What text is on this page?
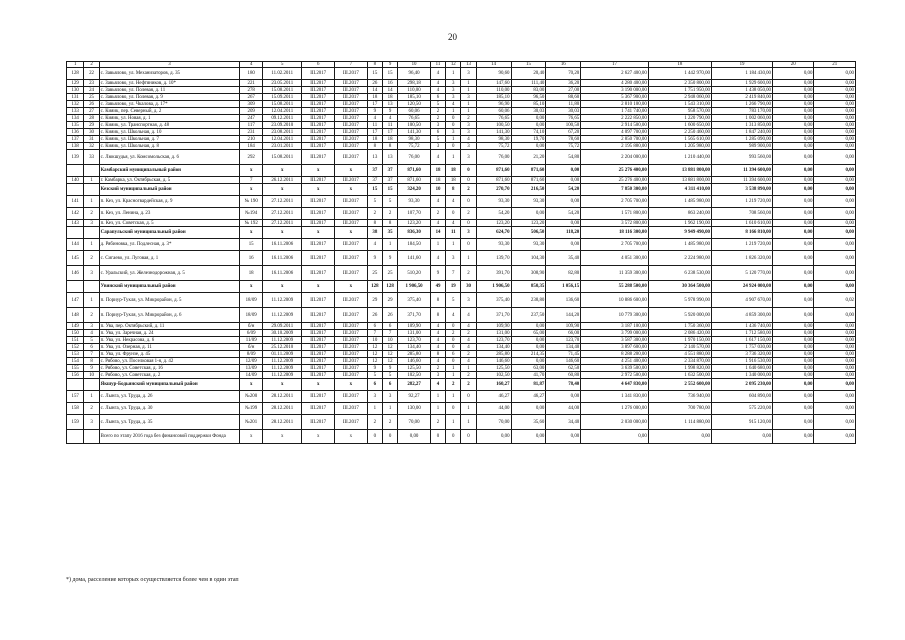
20
1	2	3	4	5	6	7	8	9	10	11	12	13	14	15	16	17	18	19	20	21
128	22	с. Завьялово, ул. Механизаторов, д. 35	180	11.02.2011	III.2017	III.2017	15	15	96,40	4	1	3	90,60	20,40	70,20	2 627 400,00	1 442 970,00	1 184 430,00	0,00	0,00
129	23	с. Завьялово, ул. Нефтяников, д. 10*	221	23.05.2011	III.2017	III.2017	26	16	298,18	4	3	1	147,60	111,40	36,20	4 280 400,00	2 350 800,00	1 929 600,00	0,00	0,00
130	24	с. Завьялово, ул. Полевая, д. 11	278	15.08.2011	III.2017	III.2017	14	14	110,00	4	3	1	110,00	83,00	27,00	3 190 000,00	1 751 950,00	1 438 050,00	0,00	0,00
131	25	с. Завьялово, ул. Полевая, д. 9	267	15.09.2011	III.2017	III.2017	18	18	185,10	6	3	3	185,10	96,50	88,60	5 367 900,00	2 948 060,00	2 419 840,00	0,00	0,00
132	26	с. Завьялово, ул. Чкалова, д. 17*	309	15.08.2011	III.2017	III.2017	17	13	120,50	5	4	1	96,90	85,10	11,80	2 810 100,00	1 543 310,00	1 266 790,00	0,00	0,00
133	27	с. Кияик, пер. Северный, д. 2	209	12.04.2011	III.2017	III.2017	9	9	60,06	2	1	1	60,06	30,03	30,03	1 741 740,00	958 570,00	783 170,00	0,00	0,00
134	28	с. Кияик, ул. Новая, д. 1	247	09.12.2011	III.2017	III.2017	4	4	76,65	2	0	2	76,65	0,00	76,65	2 222 850,00	1 220 790,00	1 002 060,00	0,00	0,00
135	29	с. Кияик, ул. Транспортная, д. 48	117	23.09.2010	III.2017	III.2017	11	11	100,50	3	0	3	100,50	0,00	100,50	2 914 500,00	1 600 650,00	1 313 850,00	0,00	0,00
136	30	с. Кияик, ул. Школьная, д. 10	231	23.08.2011	III.2017	III.2017	17	17	141,30	6	3	3	141,30	74,10	67,20	4 097 700,00	2 250 460,00	1 847 240,00	0,00	0,00
137	31	с. Кияик, ул. Школьная, д. 7	210	12.04.2011	III.2017	III.2017	18	18	98,30	5	1	4	98,30	19,70	78,60	2 850 700,00	1 565 610,00	1 285 090,00	0,00	0,00
138	32	с. Кияик, ул. Школьная, д. 8	184	23.01.2011	III.2017	III.2017	8	8	75,72	3	0	3	75,72	0,00	75,72	2 195 880,00	1 205 980,00	989 900,00	0,00	0,00
139	33	с. Люкшудья, ул. Комсомольская, д. 6	292	15.08.2011	III.2017	III.2017	13	13	76,00	4	1	3	76,00	21,20	54,80	2 204 000,00	1 210 440,00	993 560,00	0,00	0,00
		Камбарский муниципальный район	x	x	x	x	37	37	871,60	18	18	0	871,60	871,60	0,00	25 276 400,00	13 881 800,00	11 394 600,00	0,00	0,00
140	1	г. Камбарка, ул. Октябрьская, д. 5	7	26.12.2011	III.2017	III.2017	37	37	871,60	18	18	0	871,60	871,60	0,00	25 276 400,00	13 881 800,00	11 394 600,00	0,00	0,00
		Кезский муниципальный район	x	x	x	x	15	15	324,20	10	8	2	270,70	216,50	54,20	7 850 300,00	4 311 410,00	3 538 890,00	0,00	0,00
141	1	п. Кез, ул. Красногвардейская, д. 9	№ 190	27.12.2011	III.2017	III.2017	5	5	93,30	4	4	0	93,30	93,30	0,00	2 705 700,00	1 485 980,00	1 219 720,00	0,00	0,00
142	2	п. Кез, ул. Ленина, д. 23	№194	27.12.2011	III.2017	III.2017	2	2	107,70	2	0	2	54,20	0,00	54,20	1 571 800,00	863 240,00	708 560,00	0,00	0,00
143	3	п. Кез, ул. Советская, д. 5	№ 192	27.12.2011	III.2017	III.2017	8	8	123,20	4	4	0	123,20	123,20	0,00	3 572 800,00	1 962 190,00	1 610 610,00	0,00	0,00
		Сарапульский муниципальный район	x	x	x	x	38	35	836,30	14	11	3	624,70	506,50	118,20	18 116 300,00	9 949 490,00	8 166 810,00	0,00	0,00
144	1	д. Рябиновка, ул. Подлесная, д. 3*	15	16.11.2006	III.2017	III.2017	4	1	184,50	1	1	0	93,30	93,30	0,00	2 705 700,00	1 485 980,00	1 219 720,00	0,00	0,00
145	2	с. Сигаево, ул. Луговая, д. 1	16	16.11.2006	III.2017	III.2017	9	9	141,60	4	3	1	139,70	104,30	35,40	4 051 300,00	2 224 980,00	1 826 320,00	0,00	0,00
146	3	с. Уральский, ул. Железнодорожная, д. 5	18	16.11.2006	III.2017	III.2017	25	25	510,20	9	7	2	391,70	308,90	82,80	11 359 300,00	6 238 530,00	5 120 770,00	0,00	0,00
		Увинский муниципальный район	x	x	x	x	128	128	1 906,50	49	19	30	1 906,50	850,35	1 056,15	55 288 500,00	30 364 500,00	24 924 000,00	0,00	0,00
147	1	п. Пориур-Тукля, ул. Микрорайон, д. 5	18/09	11.12.2009	III.2017	III.2017	29	29	375,40	8	5	3	375,40	238,80	136,60	10 886 600,00	5 978 990,00	4 907 670,00	0,00	0,02
148	2	п. Пориур-Тукля, ул. Микрорайон, д. 6	18/09	11.12.2009	III.2017	III.2017	26	26	371,70	8	4	4	371,70	237,50	144,20	10 779 300,00	5 920 000,00	4 859 300,00	0,00	0,00
149	3	п. Ува, пер. Октябрьский, д. 11	б/н	29.09.2011	III.2017	III.2017	6	6	109,90	4	0	4	109,90	0,00	109,90	3 187 100,00	1 750 360,00	1 436 740,00	0,00	0,00
150	4	п. Ува, ул. Заречная, д. 24	6/09	30.10.2009	III.2017	III.2017	7	7	131,00	4	2	2	131,00	65,00	66,00	3 799 000,00	2 086 420,00	1 712 580,00	0,00	0,00
151	5	п. Ува, ул. Некрасова, д. 6	11/09	11.12.2009	III.2017	III.2017	10	10	123,70	4	0	4	123,70	0,00	123,70	3 587 300,00	1 970 150,00	1 617 150,00	0,00	0,00
152	6	п. Ува, ул. Озерная, д. 11	б/н	25.12.2010	III.2017	III.2017	12	12	134,40	4	0	4	134,40	0,00	134,40	3 897 600,00	2 140 570,00	1 757 030,00	0,00	0,00
153	7	п. Ува, ул. Фрунзе, д. 45	8/09	01.11.2009	III.2017	III.2017	12	12	285,80	8	6	2	285,80	214,35	71,45	8 288 200,00	4 551 880,00	3 736 320,00	0,00	0,00
154	8	с. Рябово, ул. Поселковая 1-я, д. 42	12/09	11.12.2009	III.2017	III.2017	12	12	146,60	4	0	4	146,60	0,00	146,60	4 251 400,00	2 334 870,00	1 916 530,00	0,00	0,00
155	9	с. Рябово, ул. Советская, д. 16	13/09	11.12.2009	III.2017	III.2017	9	9	125,50	2	1	1	125,50	63,00	62,50	3 639 500,00	1 998 820,00	1 640 680,00	0,00	0,00
156	10	с. Рябово, ул. Советская, д. 2	14/09	11.12.2009	III.2017	III.2017	5	5	102,50	3	1	2	102,50	41,70	60,80	2 972 500,00	1 632 500,00	1 340 000,00	0,00	0,00
		Якшур-Бодьинский муниципальный район	x	x	x	x	6	6	282,27	4	2	2	160,27	81,87	78,40	4 647 830,00	2 552 600,00	2 095 230,00	0,00	0,00
157	1	с. Лынга, ул. Труда, д. 26	№200	28.12.2011	III.2017	III.2017	3	3	92,27	1	1	0	46,27	46,27	0,00	1 341 830,00	736 940,00	604 890,00	0,00	0,00
158	2	с. Лынга, ул. Труда, д. 30	№199	28.12.2011	III.2017	III.2017	1	1	130,00	1	0	1	44,00	0,00	44,00	1 276 000,00	700 780,00	575 220,00	0,00	0,00
159	3	с. Лынга, ул. Труда, д. 35	№201	28.12.2011	III.2017	III.2017	2	2	70,00	2	1	1	70,00	35,60	34,40	2 030 000,00	1 114 880,00	915 120,00	0,00	0,00
		Всего по этапу 2016 года без финансовой поддержки Фонда	x	x	x	x	0	0	0,00	0	0	0	0,00	0,00	0,00	0,00	0,00	0,00	0,00	0,00
*) дома, расселение которых осуществляется более чем в один этап
